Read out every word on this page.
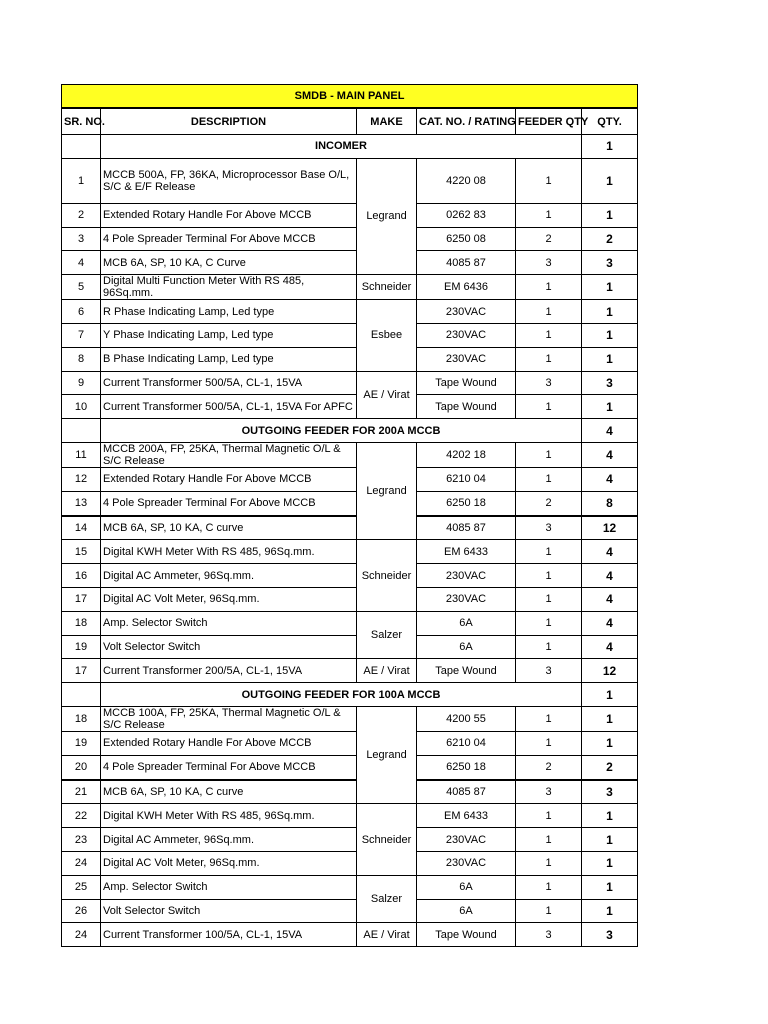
SMDB - MAIN PANEL					
SR. NO.	DESCRIPTION	MAKE	CAT. NO. / RATING	FEEDER QTY	QTY.
	INCOMER				1
1	MCCB 500A, FP, 36KA, Microprocessor Base O/L, S/C & E/F Release	Legrand	4220 08	1	1
2	Extended Rotary Handle For Above MCCB		0262 83	1	1
3	4 Pole Spreader Terminal For Above MCCB		6250 08	2	2
4	MCB 6A, SP, 10 KA, C Curve		4085 87	3	3
5	Digital Multi Function Meter With RS 485, 96Sq.mm.	Schneider	EM 6436	1	1
6	R Phase Indicating Lamp, Led type	Esbee	230VAC	1	1
7	Y Phase Indicating Lamp, Led type		230VAC	1	1
8	B Phase Indicating Lamp, Led type		230VAC	1	1
9	Current Transformer 500/5A, CL-1, 15VA	AE / Virat	Tape Wound	3	3
10	Current Transformer 500/5A, CL-1, 15VA For APFC		Tape Wound	1	1
	OUTGOING FEEDER FOR 200A MCCB				4
11	MCCB 200A, FP, 25KA, Thermal Magnetic O/L & S/C Release	Legrand	4202 18	1	4
12	Extended Rotary Handle For Above MCCB		6210 04	1	4
13	4 Pole Spreader Terminal For Above MCCB		6250 18	2	8
14	MCB 6A, SP, 10 KA, C curve		4085 87	3	12
15	Digital KWH Meter With RS 485, 96Sq.mm.	Schneider	EM 6433	1	4
16	Digital AC Ammeter, 96Sq.mm.		230VAC	1	4
17	Digital AC Volt Meter, 96Sq.mm.		230VAC	1	4
18	Amp. Selector Switch	Salzer	6A	1	4
19	Volt Selector Switch		6A	1	4
17	Current Transformer 200/5A, CL-1, 15VA	AE / Virat	Tape Wound	3	12
	OUTGOING FEEDER FOR 100A MCCB				1
18	MCCB 100A, FP, 25KA, Thermal Magnetic O/L & S/C Release	Legrand	4200 55	1	1
19	Extended Rotary Handle For Above MCCB		6210 04	1	1
20	4 Pole Spreader Terminal For Above MCCB		6250 18	2	2
21	MCB 6A, SP, 10 KA, C curve		4085 87	3	3
22	Digital KWH Meter With RS 485, 96Sq.mm.	Schneider	EM 6433	1	1
23	Digital AC Ammeter, 96Sq.mm.		230VAC	1	1
24	Digital AC Volt Meter, 96Sq.mm.		230VAC	1	1
25	Amp. Selector Switch	Salzer	6A	1	1
26	Volt Selector Switch		6A	1	1
24	Current Transformer 100/5A, CL-1, 15VA	AE / Virat	Tape Wound	3	3
